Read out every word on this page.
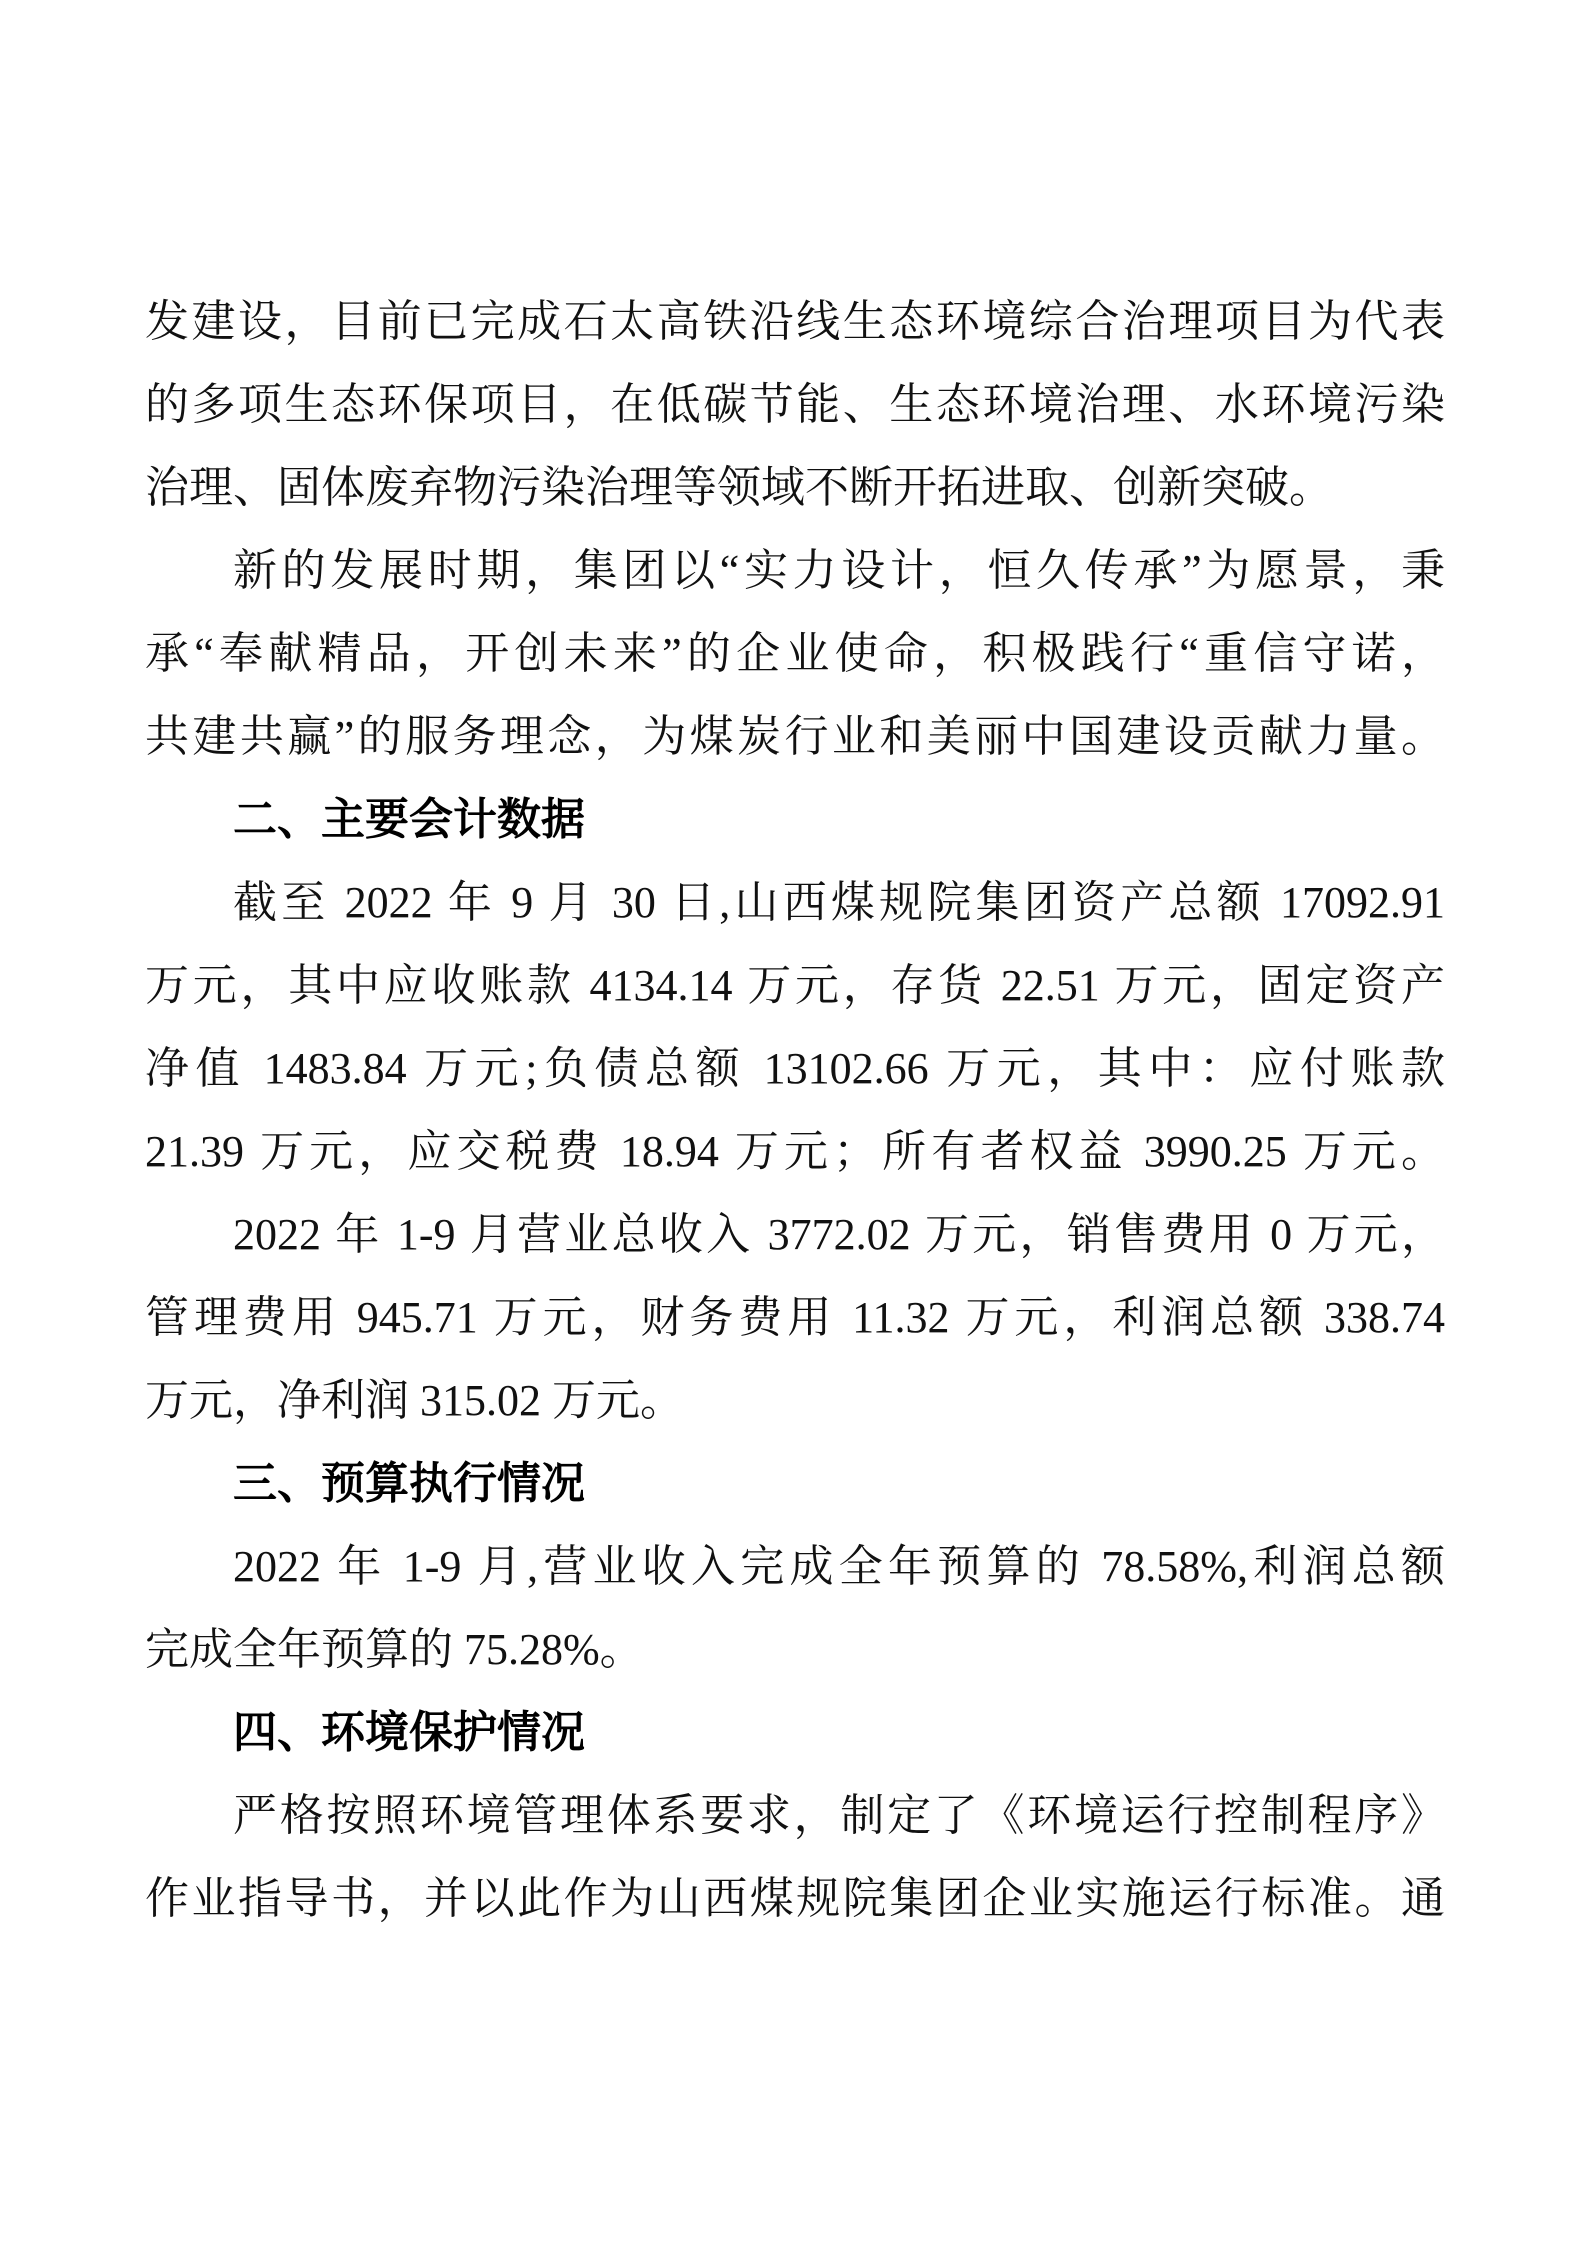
发建设，目前已完成石太高铁沿线生态环境综合治理项目为代表
的多项生态环保项目，在低碳节能、生态环境治理、水环境污染
治理、固体废弃物污染治理等领域不断开拓进取、创新突破。
新的发展时期，集团以“实力设计，恒久传承”为愿景，秉
承“奉献精品，开创未来”的企业使命，积极践行“重信守诺，
共建共赢”的服务理念，为煤炭行业和美丽中国建设贡献力量。
二、主要会计数据
截至 2022 年 9 月 30 日,山西煤规院集团资产总额 17092.91
万元，其中应收账款 4134.14 万元，存货 22.51 万元，固定资产
净值 1483.84 万元;负债总额 13102.66 万元，其中：应付账款
21.39 万元，应交税费 18.94 万元；所有者权益 3990.25 万元。
2022 年 1-9 月营业总收入 3772.02 万元，销售费用 0 万元，
管理费用 945.71 万元，财务费用 11.32 万元，利润总额 338.74
万元，净利润 315.02 万元。
三、预算执行情况
2022 年 1-9 月,营业收入完成全年预算的 78.58%,利润总额
完成全年预算的 75.28%。
四、环境保护情况
严格按照环境管理体系要求，制定了《环境运行控制程序》
作业指导书，并以此作为山西煤规院集团企业实施运行标准。通
